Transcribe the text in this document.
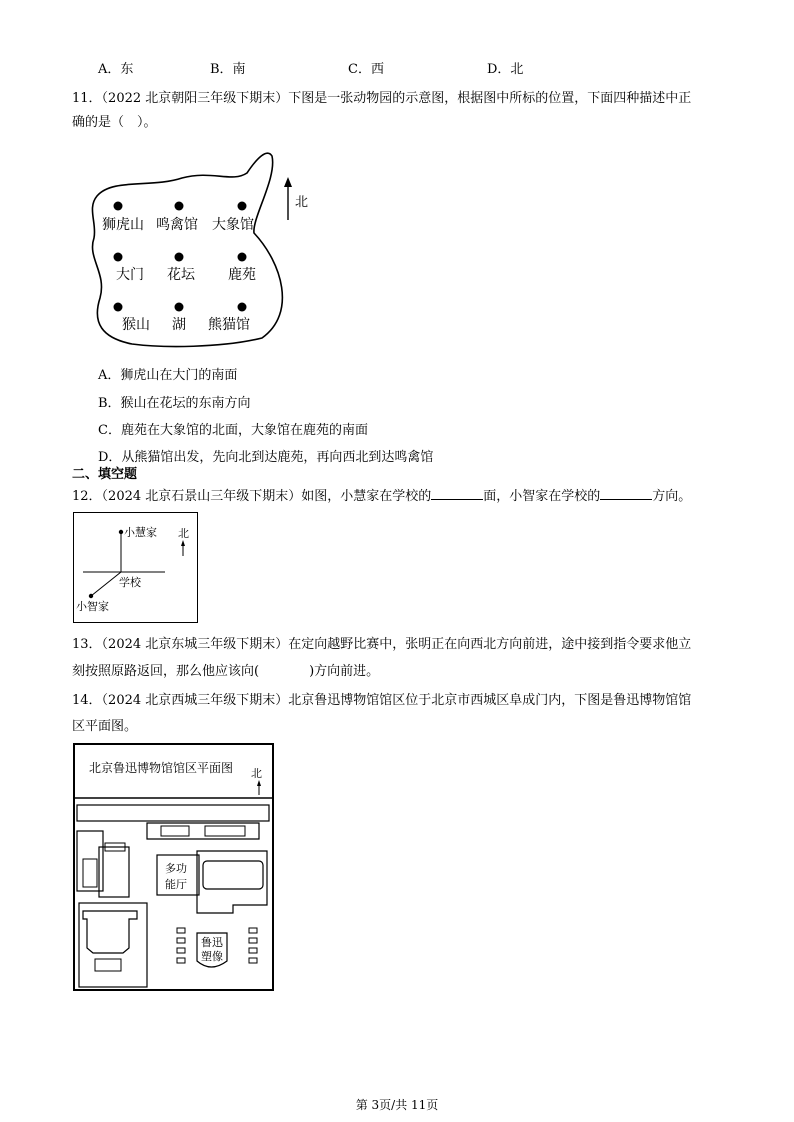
A．东	B．南	C．西	D．北
11．（2022 北京朝阳三年级下期末）下图是一张动物园的示意图，根据图中所标的位置，下面四种描述中正
确的是（　）。
北
狮虎山 鸣禽馆 大象馆
大门 花坛 鹿苑
猴山 湖 熊猫馆
A．狮虎山在大门的南面
B．猴山在花坛的东南方向
C．鹿苑在大象馆的北面，大象馆在鹿苑的南面
D．从熊猫馆出发，先向北到达鹿苑，再向西北到达鸣禽馆
二、填空题
12．（2024 北京石景山三年级下期末）如图，小慧家在学校的	面，小智家在学校的	方向。
小慧家
学校
小智家
北
13．（2024 北京东城三年级下期末）在定向越野比赛中，张明正在向西北方向前进，途中接到指令要求他立
刻按照原路返回，那么他应该向(	)方向前进。
14．（2024 北京西城三年级下期末）北京鲁迅博物馆馆区位于北京市西城区阜成门内，下图是鲁迅博物馆馆
区平面图。
北京鲁迅博物馆馆区平面图 北
多功
能厅
鲁迅
塑像
第 3页/共 11页
